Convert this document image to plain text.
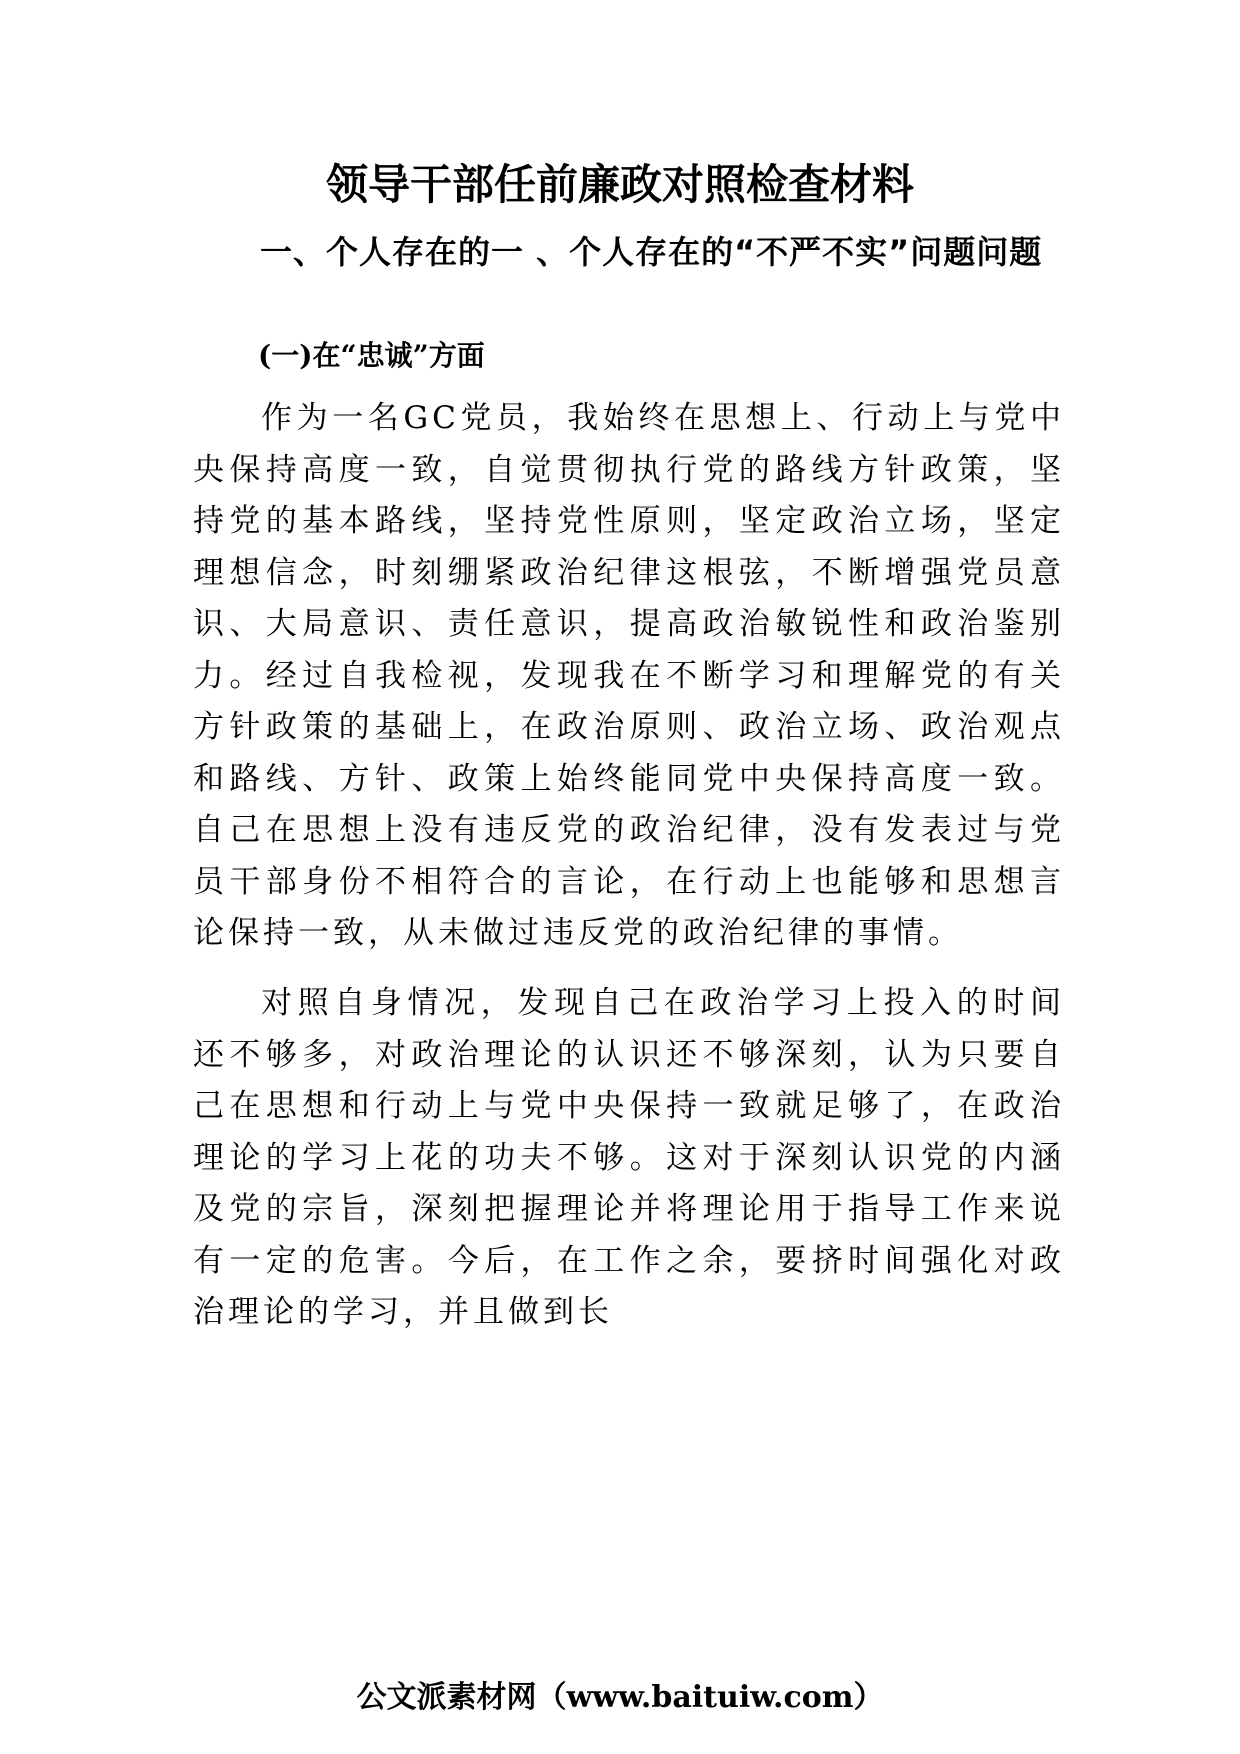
领导干部任前廉政对照检查材料
一、个人存在的一 、个人存在的“不严不实”问题问题
(一)在“忠诚”方面

作为一名GC党员，我始终在思想上、行动上与党中央保持高度一致，自觉贯彻执行党的路线方针政策，坚持党的基本路线，坚持党性原则，坚定政治立场，坚定理想信念，时刻绷紧政治纪律这根弦，不断增强党员意识、大局意识、责任意识，提高政治敏锐性和政治鉴别力。经过自我检视，发现我在不断学习和理解党的有关方针政策的基础上，在政治原则、政治立场、政治观点和路线、方针、政策上始终能同党中央保持高度一致。自己在思想上没有违反党的政治纪律，没有发表过与党员干部身份不相符合的言论，在行动上也能够和思想言论保持一致，从未做过违反党的政治纪律的事情。

对照自身情况，发现自己在政治学习上投入的时间还不够多，对政治理论的认识还不够深刻，认为只要自己在思想和行动上与党中央保持一致就足够了，在政治理论的学习上花的功夫不够。这对于深刻认识党的内涵及党的宗旨，深刻把握理论并将理论用于指导工作来说有一定的危害。今后，在工作之余，要挤时间强化对政治理论的学习，并且做到长

公文派素材网（www.baituiw.com）
